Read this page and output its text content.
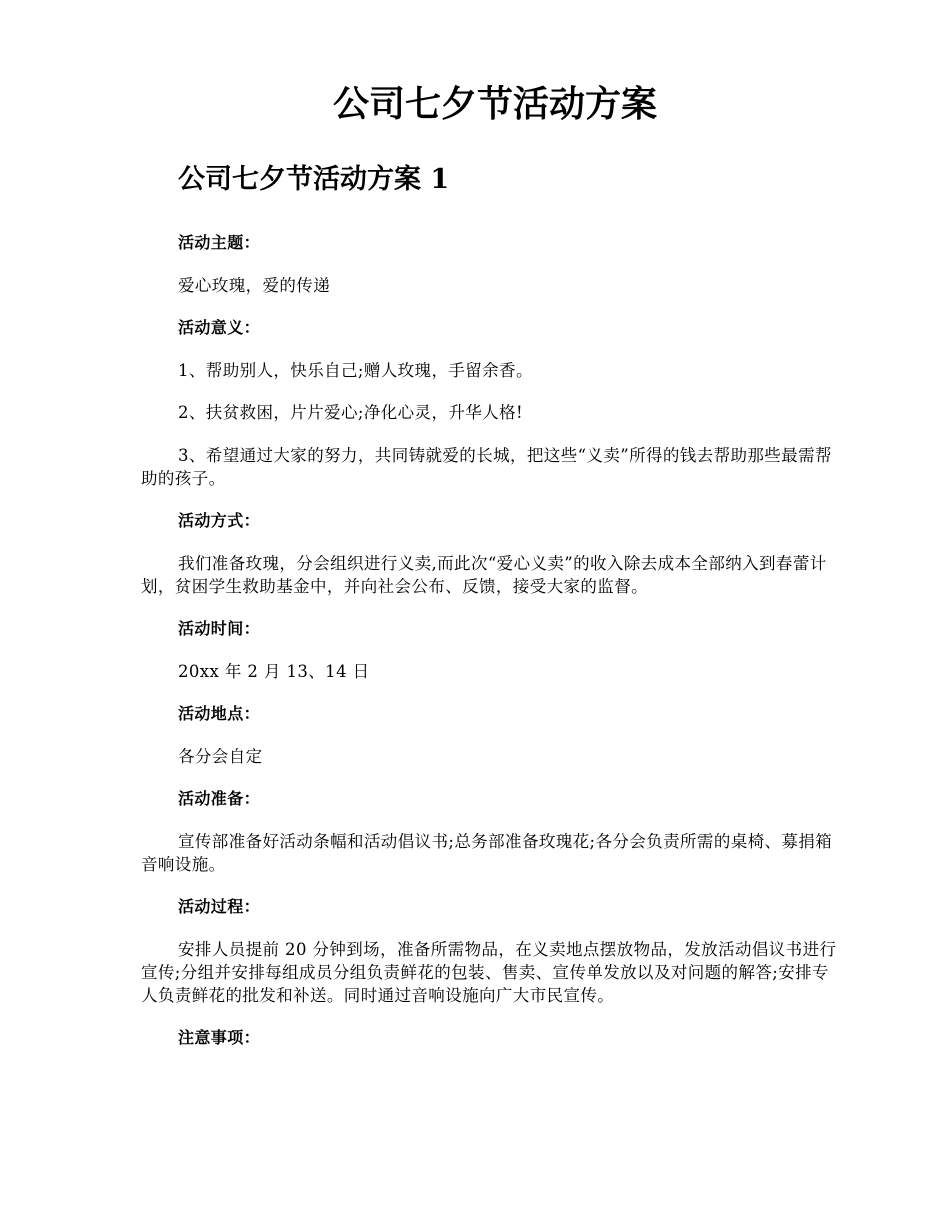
公司七夕节活动方案
公司七夕节活动方案 1

活动主题：

爱心玫瑰，爱的传递

活动意义：

1、帮助别人，快乐自己;赠人玫瑰，手留余香。

2、扶贫救困，片片爱心;净化心灵，升华人格!

3、希望通过大家的努力，共同铸就爱的长城，把这些“义卖”所得的钱去帮助那些最需帮助的孩子。

活动方式：

我们准备玫瑰，分会组织进行义卖,而此次“爱心义卖”的收入除去成本全部纳入到春蕾计划，贫困学生救助基金中，并向社会公布、反馈，接受大家的监督。

活动时间：

20xx 年 2 月 13、14 日

活动地点：

各分会自定

活动准备：

宣传部准备好活动条幅和活动倡议书;总务部准备玫瑰花;各分会负责所需的桌椅、募捐箱音响设施。

活动过程：

安排人员提前 20 分钟到场，准备所需物品，在义卖地点摆放物品，发放活动倡议书进行宣传;分组并安排每组成员分组负责鲜花的包装、售卖、宣传单发放以及对问题的解答;安排专人负责鲜花的批发和补送。同时通过音响设施向广大市民宣传。

注意事项：
